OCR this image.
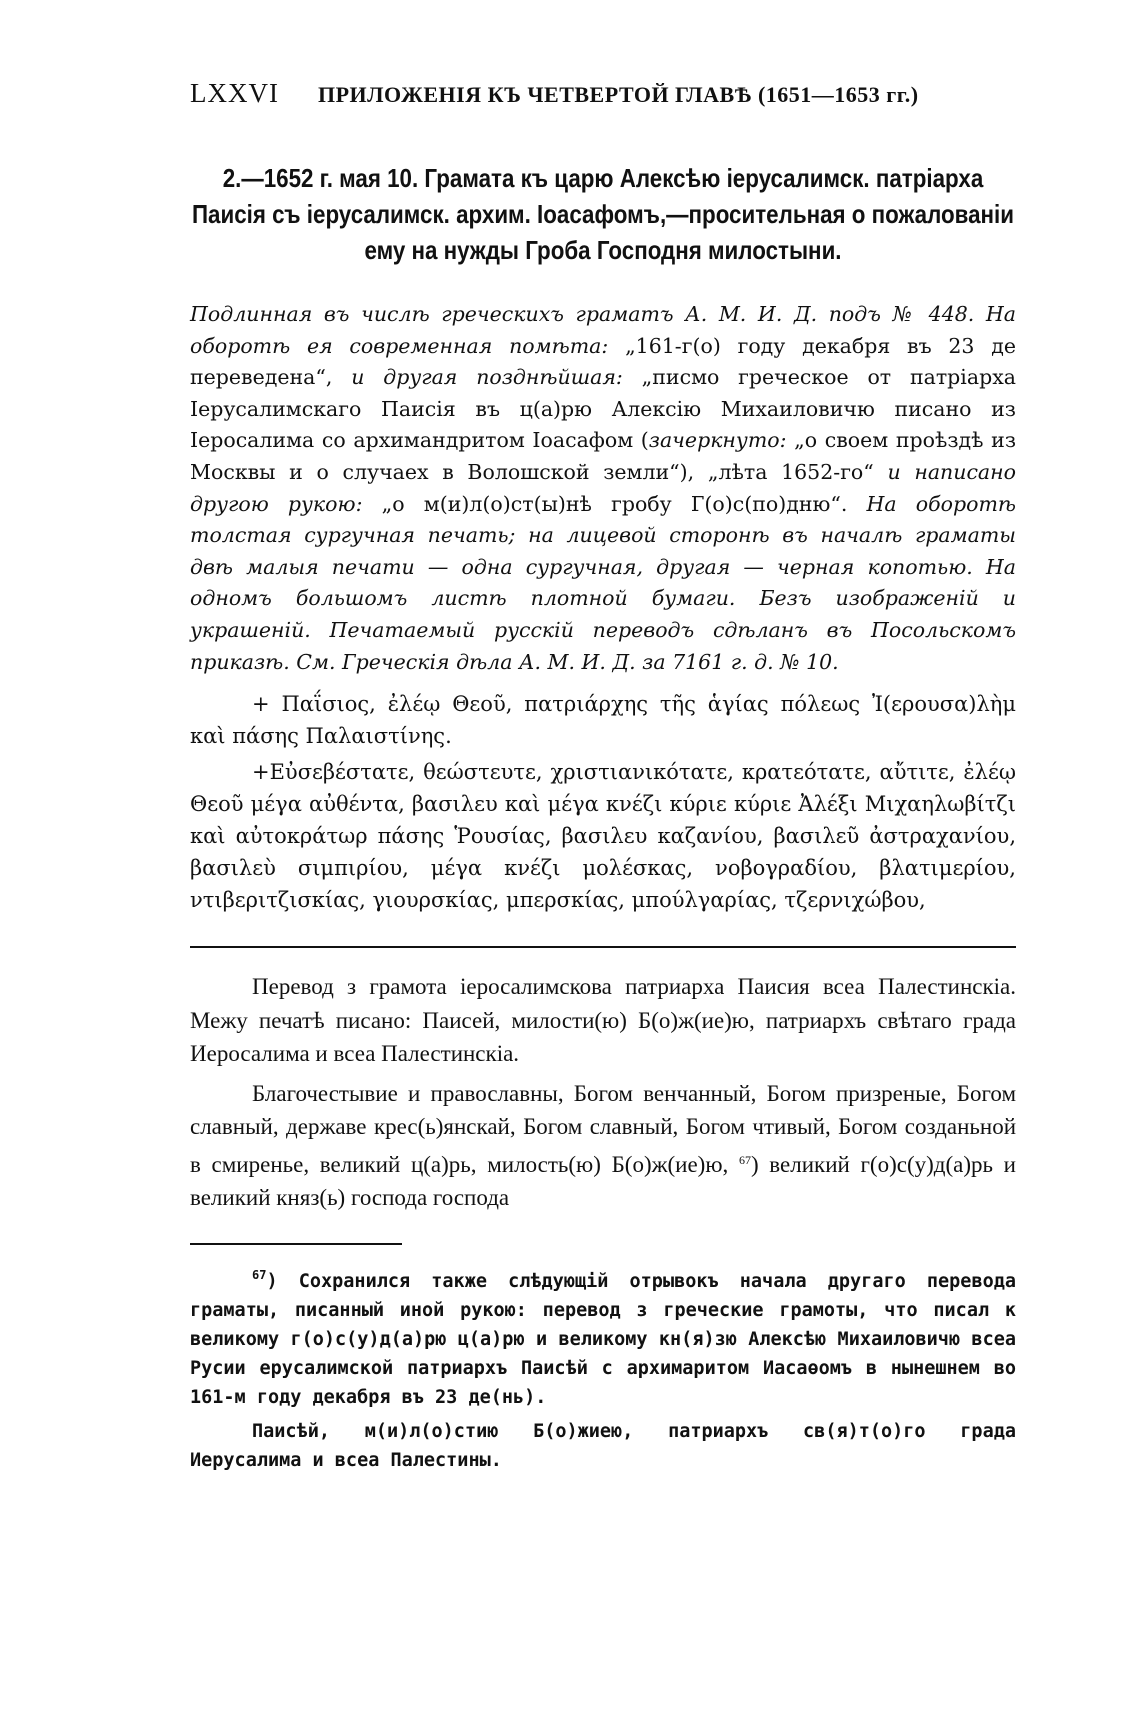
LXXVI	ПРИЛОЖЕНIЯ КЪ ЧЕТВЕРТОЙ ГЛАВѢ (1651—1653 гг.)
2.—1652 г. мая 10. Грамата къ царю Алексѣю iерусалимск. патрiарха Паисiя съ iерусалимск. архим. Iоасафомъ,—просительная о пожалованiи ему на нужды Гроба Господня милостыни.
Подлинная въ числѣ греческихъ граматъ А. М. И. Д. подъ № 448. На оборотѣ ея современная помѣта: „161-г(о) году декабря въ 23 де переведена“, и другая позднѣйшая: „писмо греческое от патрiарха Iерусалимскаго Паисiя въ ц(а)рю Алексiю Михаиловичю писано из Iеросалима со архимандритом Iоасафом (зачеркнуто: „о своем проѣздѣ из Москвы и о случаех в Волошской земли“), „лѣта 1652-го“ и написано другою рукою: „о м(и)л(о)ст(ы)нѣ гробу Г(о)с(по)дню“. На оборотѣ толстая сургучная печать; на лицевой сторонѣ въ началѣ граматы двѣ малыя печати — одна сургучная, другая — черная копотью. На одномъ большомъ листѣ плотной бумаги. Безъ изображенiй и украшенiй. Печатаемый русскiй переводъ сдѣланъ въ Посольскомъ приказѣ. См. Греческiя дѣла А. М. И. Д. за 7161 г. д. № 10.

+ Παΐσιος, ἐλέῳ Θεοῦ, πατριάρχης τῆς ἁγίας πόλεως Ἰ(ερουσα)λὴμ καὶ πάσης Παλαιστίνης.

+Εὐσεβέστατε, θεώστευτε, χριστιανικότατε, κρατεότατε, αὔτιτε, ἐλέῳ Θεοῦ μέγα αὐθέντα, βασιλευ καὶ μέγα κνέζι κύριε κύριε Ἀλέξι Μιχαηλωβίτζι καὶ αὐτοκράτωρ πάσης Ῥουσίας, βασιλευ καζανίου, βασιλεῦ ἀστραχανίου, βασιλεὺ σιμπιρίου, μέγα κνέζι μολέσκας, νοβογραδίου, βλατιμερίου, ντιβεριτζισκίας, γιουρσκίας, μπερσκίας, μπούλγαρίας, τζερνιχώβου,

Перевод з грамота iеросалимскова патриарха Паисия всеа Палестинскiа. Межу печатѣ писано: Паисей, милости(ю) Б(о)ж(ие)ю, патриархъ свѣтаго града Иеросалима и всеа Палестинскiа.

Благочестывие и православны, Богом венчанный, Богом призреные, Богом славный, державе крес(ь)янскай, Богом славный, Богом чтивый, Богом созданьной в смиренье, великий ц(а)рь, милость(ю) Б(о)ж(ие)ю, $^{67}$) великий г(о)с(у)д(а)рь и великий княз(ь) господа господа

$^{67}$) Сохранился также слѣдующiй отрывокъ начала другаго перевода граматы, писанный иной рукою: перевод з греческие грамоты, что писал к великому г(о)с(у)д(а)рю ц(а)рю и великому кн(я)зю Алексѣю Михаиловичю всеа Русии ерусалимской патриархъ Паисѣй с архимаритом Иасаѳомъ в нынешнем во 161-м году декабря въ 23 де(нь).

Паисѣй, м(и)л(о)стию Б(о)жиею, патриархъ св(я)т(о)го града Иерусалима и всеа Палестины.
